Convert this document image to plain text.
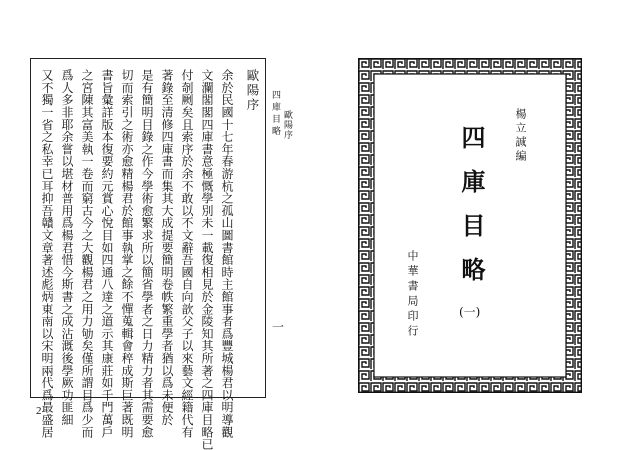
歐陽序
余於民國十七年春游杭之孤山圖書館時主館事者爲豐城楊君以明導觀
文瀾閣閣四庫書意極慨學別未一載復相見於金陵知其所著之四庫目略已
付剞劂矣且索序於余不敢以不文辭吾國自向歆父子以來藝文經籍代有
著錄至清修四庫書而集其大成提要簡明卷帙繁重學者猶以爲未便於
是有簡明目錄之作今學術愈繁求所以簡省學者之日力精力者其需要愈
切而索引之術亦愈精楊君於館事執掌之餘不憚蒐輯會稡成斯巨著既明
書旨彙詳版本復要約元賞心悅目如四通八達之道示其康莊如千門萬戶
之宮陳其富美執一卷而窮古今之大觀楊君之用力劬矣僅所謂目爲少而
爲人多非耶余嘗以堪材普用爲楊君惜今斯書之成沾溉後學厥功匪細
又不獨一省之私幸已耳抑吾贛文章著述彪炳東南以宋明兩代爲最盛居	四庫目略 歐陽序
一
2
楊立誠編
四庫目略
(一)
中華書局印行
